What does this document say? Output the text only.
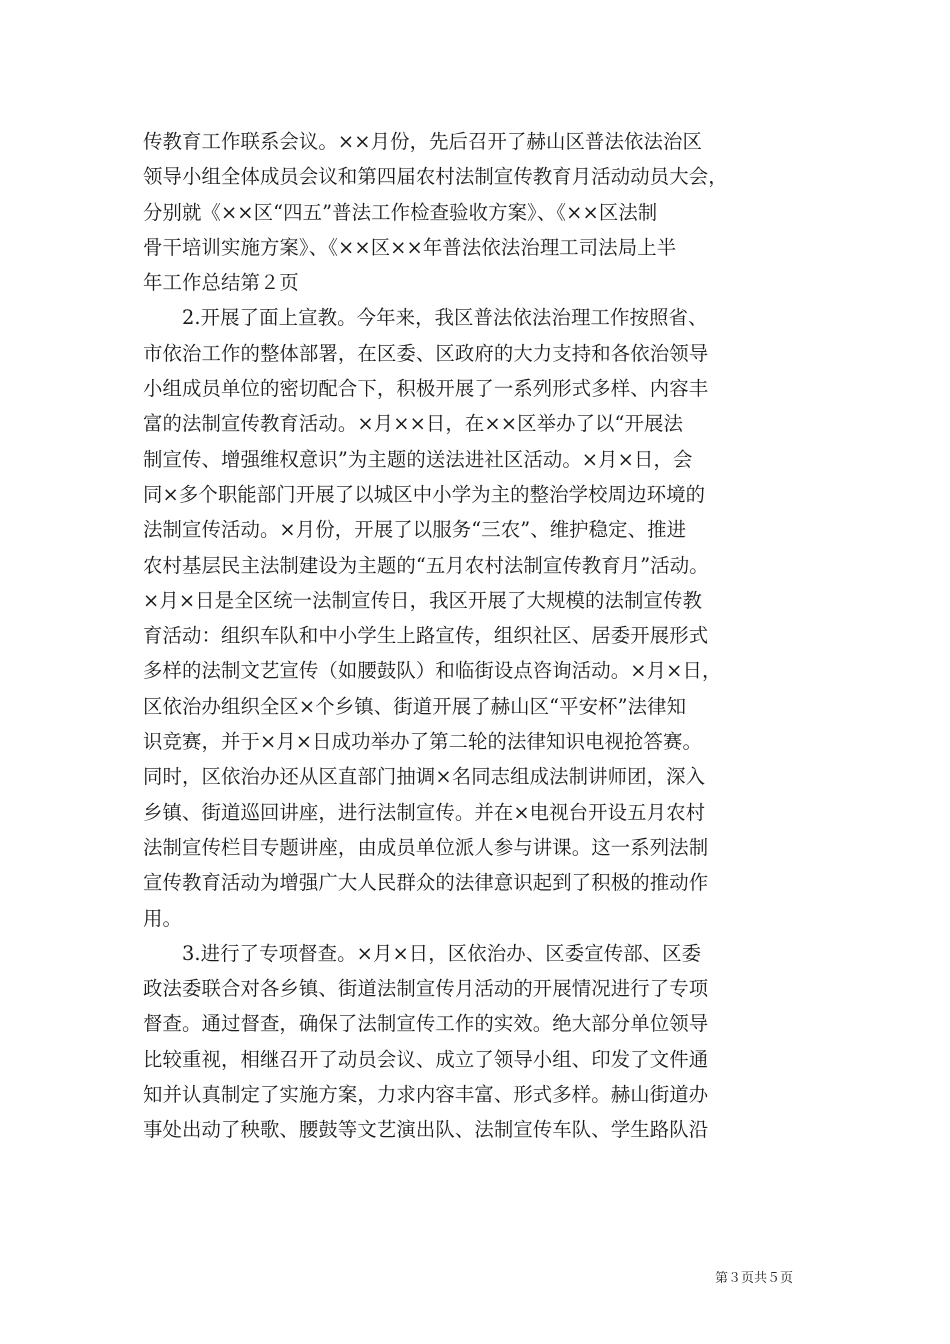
传教育工作联系会议。××月份，先后召开了赫山区普法依法治区
领导小组全体成员会议和第四届农村法制宣传教育月活动动员大会，
分别就《××区“四五”普法工作检查验收方案》、《××区法制
骨干培训实施方案》、《××区××年普法依法治理工司法局上半
年工作总结第２页
　　2.开展了面上宣教。今年来，我区普法依法治理工作按照省、
市依治工作的整体部署，在区委、区政府的大力支持和各依治领导
小组成员单位的密切配合下，积极开展了一系列形式多样、内容丰
富的法制宣传教育活动。×月××日，在××区举办了以“开展法
制宣传、增强维权意识”为主题的送法进社区活动。×月×日，会
同×多个职能部门开展了以城区中小学为主的整治学校周边环境的
法制宣传活动。×月份，开展了以服务“三农”、维护稳定、推进
农村基层民主法制建设为主题的“五月农村法制宣传教育月”活动。
×月×日是全区统一法制宣传日，我区开展了大规模的法制宣传教
育活动：组织车队和中小学生上路宣传，组织社区、居委开展形式
多样的法制文艺宣传（如腰鼓队）和临街设点咨询活动。×月×日，
区依治办组织全区×个乡镇、街道开展了赫山区“平安杯”法律知
识竞赛，并于×月×日成功举办了第二轮的法律知识电视抢答赛。
同时，区依治办还从区直部门抽调×名同志组成法制讲师团，深入
乡镇、街道巡回讲座，进行法制宣传。并在×电视台开设五月农村
法制宣传栏目专题讲座，由成员单位派人参与讲课。这一系列法制
宣传教育活动为增强广大人民群众的法律意识起到了积极的推动作
用。
　　3.进行了专项督查。×月×日，区依治办、区委宣传部、区委
政法委联合对各乡镇、街道法制宣传月活动的开展情况进行了专项
督查。通过督查，确保了法制宣传工作的实效。绝大部分单位领导
比较重视，相继召开了动员会议、成立了领导小组、印发了文件通
知并认真制定了实施方案，力求内容丰富、形式多样。赫山街道办
事处出动了秧歌、腰鼓等文艺演出队、法制宣传车队、学生路队沿
第３页共５页
